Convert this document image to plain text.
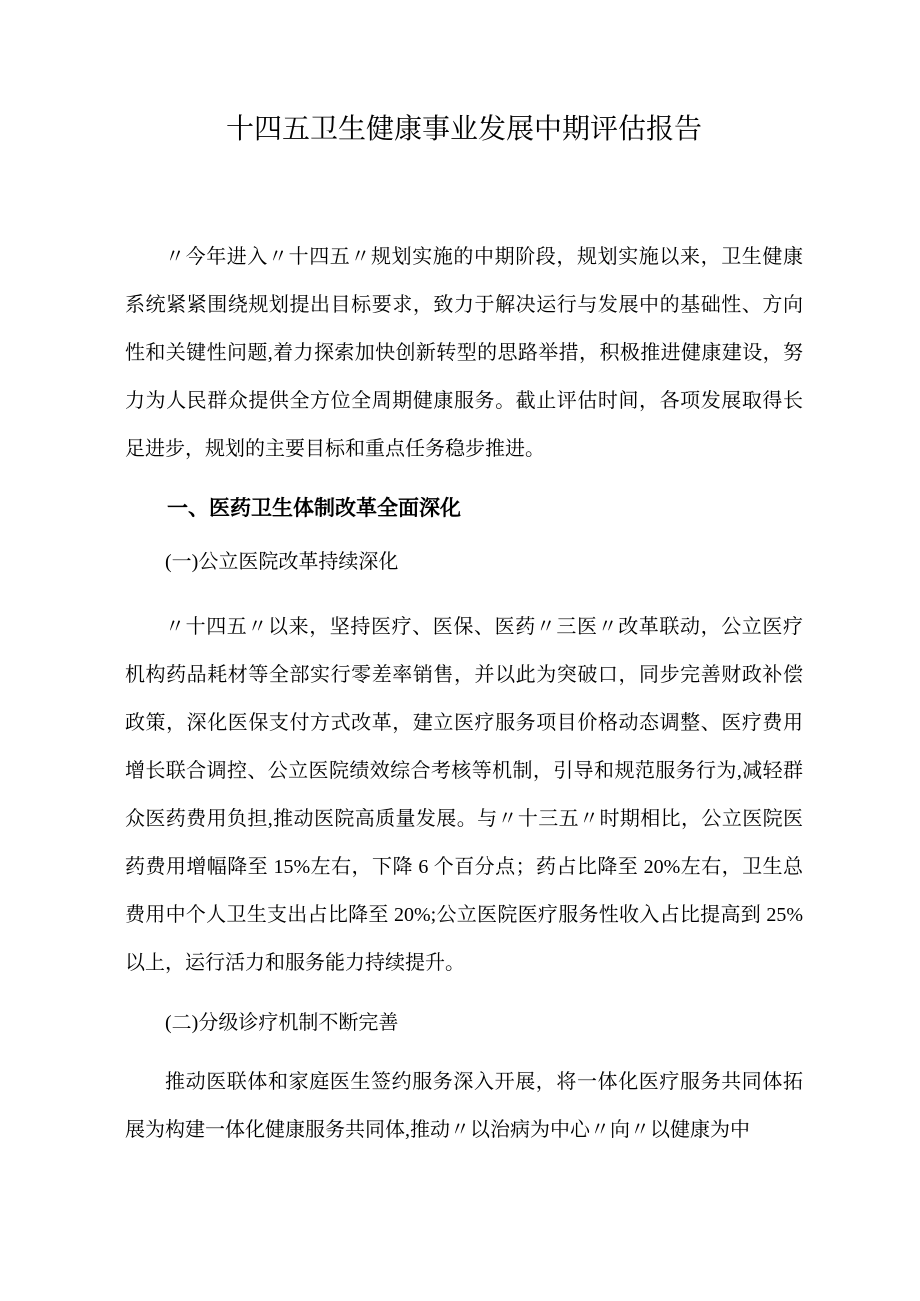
十四五卫生健康事业发展中期评估报告

〃今年进入〃十四五〃规划实施的中期阶段，规划实施以来，卫生健康系统紧紧围绕规划提出目标要求，致力于解决运行与发展中的基础性、方向性和关键性问题,着力探索加快创新转型的思路举措，积极推进健康建设，努力为人民群众提供全方位全周期健康服务。截止评估时间，各项发展取得长足进步，规划的主要目标和重点任务稳步推进。

一、医药卫生体制改革全面深化
(一)公立医院改革持续深化

〃十四五〃以来，坚持医疗、医保、医药〃三医〃改革联动，公立医疗机构药品耗材等全部实行零差率销售，并以此为突破口，同步完善财政补偿政策，深化医保支付方式改革，建立医疗服务项目价格动态调整、医疗费用增长联合调控、公立医院绩效综合考核等机制，引导和规范服务行为,减轻群众医药费用负担,推动医院高质量发展。与〃十三五〃时期相比，公立医院医药费用增幅降至 15%左右，下降 6 个百分点；药占比降至 20%左右，卫生总费用中个人卫生支出占比降至 20%;公立医院医疗服务性收入占比提高到 25%以上，运行活力和服务能力持续提升。

(二)分级诊疗机制不断完善

推动医联体和家庭医生签约服务深入开展，将一体化医疗服务共同体拓展为构建一体化健康服务共同体,推动〃以治病为中心〃向〃以健康为中
